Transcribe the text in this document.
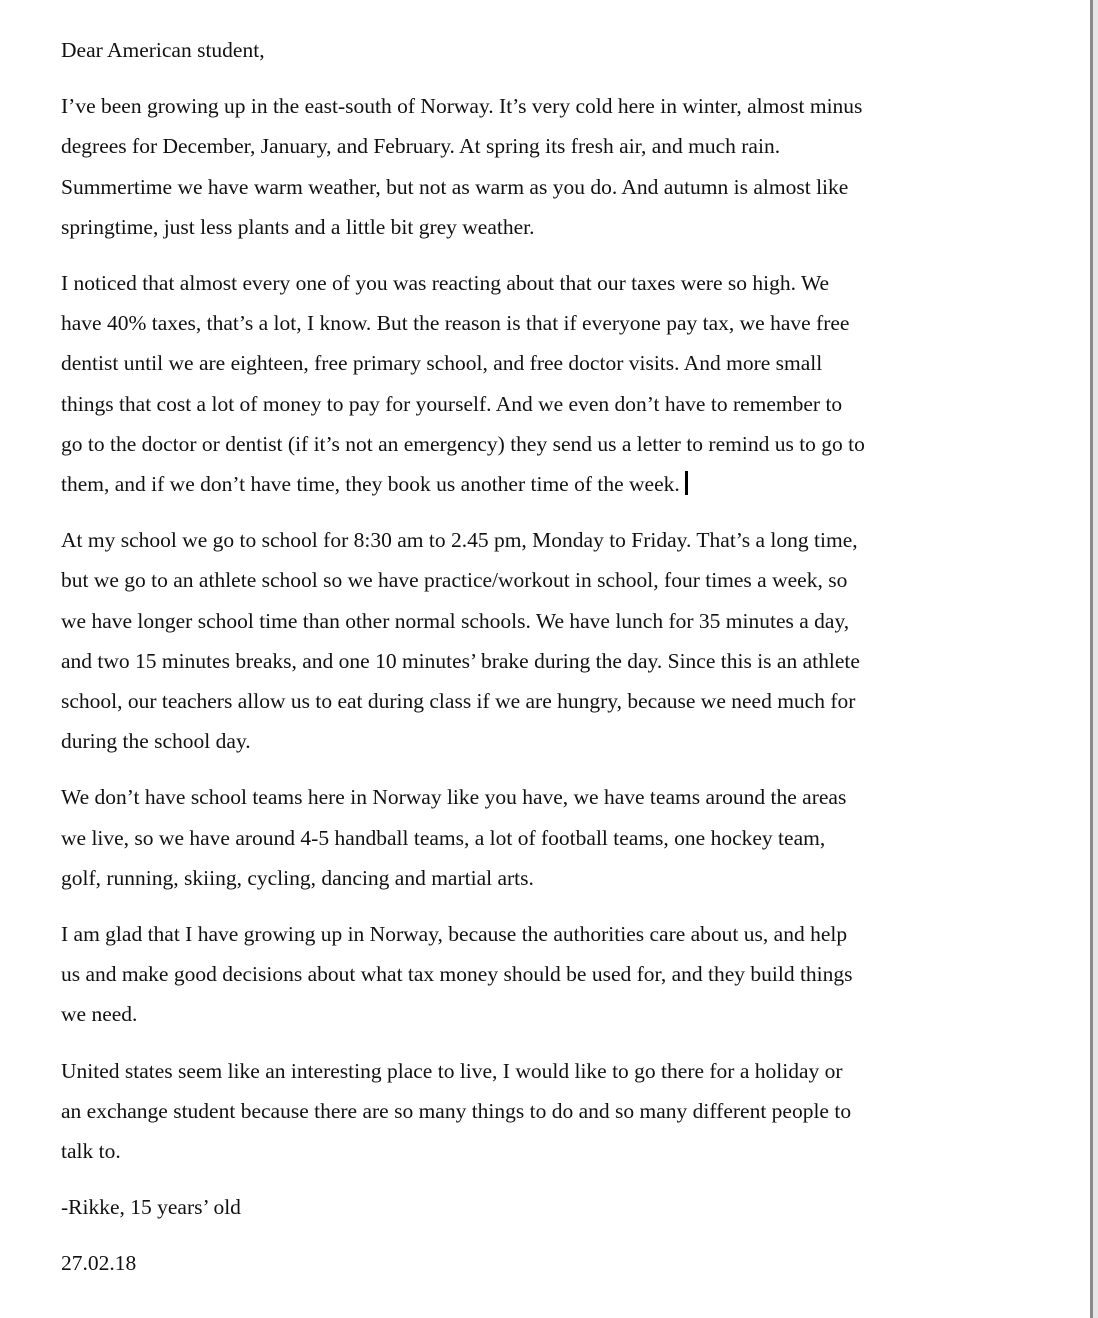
Dear American student,

I’ve been growing up in the east-south of Norway. It’s very cold here in winter, almost minus
degrees for December, January, and February. At spring its fresh air, and much rain.
Summertime we have warm weather, but not as warm as you do. And autumn is almost like
springtime, just less plants and a little bit grey weather.

I noticed that almost every one of you was reacting about that our taxes were so high. We
have 40% taxes, that’s a lot, I know. But the reason is that if everyone pay tax, we have free
dentist until we are eighteen, free primary school, and free doctor visits. And more small
things that cost a lot of money to pay for yourself. And we even don’t have to remember to
go to the doctor or dentist (if it’s not an emergency) they send us a letter to remind us to go to
them, and if we don’t have time, they book us another time of the week.

At my school we go to school for 8:30 am to 2.45 pm, Monday to Friday. That’s a long time,
but we go to an athlete school so we have practice/workout in school, four times a week, so
we have longer school time than other normal schools. We have lunch for 35 minutes a day,
and two 15 minutes breaks, and one 10 minutes’ brake during the day. Since this is an athlete
school, our teachers allow us to eat during class if we are hungry, because we need much for
during the school day.

We don’t have school teams here in Norway like you have, we have teams around the areas
we live, so we have around 4-5 handball teams, a lot of football teams, one hockey team,
golf, running, skiing, cycling, dancing and martial arts.

I am glad that I have growing up in Norway, because the authorities care about us, and help
us and make good decisions about what tax money should be used for, and they build things
we need.

United states seem like an interesting place to live, I would like to go there for a holiday or
an exchange student because there are so many things to do and so many different people to
talk to.

-Rikke, 15 years’ old

27.02.18
